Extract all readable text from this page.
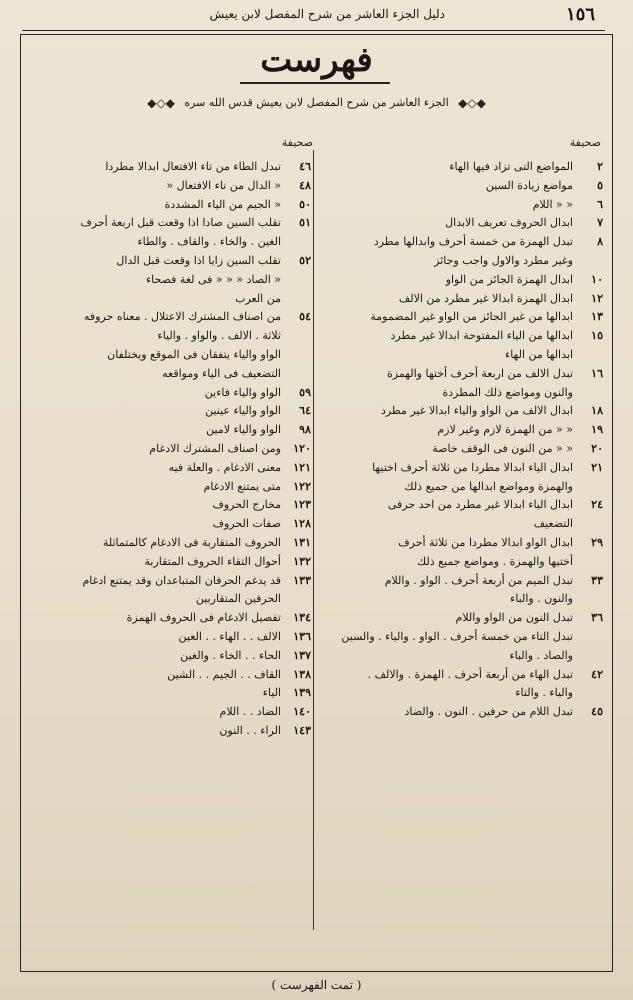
١٥٦
دليل الجزء العاشر من شرح المفصل لابن يعيش
فهرست
◆◇◆ الجزء العاشر من شرح المفصل لابن يعيش قدس الله سره ◆◇◆
صحيفة
صحيفة
٢
المواضع التى تزاد فيها الهاء
٥
مواضع زيادة السين
٦
« « اللام
٧
ابدال الحروف تعريف الابدال
٨
تبدل الهمزة من خمسة أحرف وابدالها مطرد
وغير مطرد والاول واجب وجائز
١٠
ابدال الهمزة الجائز من الواو
١٢
ابدال الهمزة ابدالا غير مطرد من الالف
١٣
ابدالها من غير الجائز من الواو غير المضمومة
١٥
ابدالها من الياء المفتوحة ابدالا غير مطرد
ابدالها من الهاء
١٦
تبدل الالف من اربعة أحرف أختها والهمزة
والنون ومواضع ذلك المطردة
١٨
ابدال الالف من الواو والياء ابدالا غير مطرد
١٩
« « من الهمزة لازم وغير لازم
٢٠
« « من النون فى الوقف خاصة
٢١
ابدال الياء ابدالا مطردا من ثلاثة أحرف اختيها
والهمزة ومواضع ابدالها من جميع ذلك
٢٤
ابدال الياء ابدالا غير مطرد من احد حرفى
التضعيف
٢٩
ابدال الواو ابدالا مطردا من ثلاثة أحرف
أختيها والهمزة . ومواضع جميع ذلك
٣٣
تبدل الميم من أربعة أحرف . الواو . واللام
والنون . والباء
٣٦
تبدل النون من الواو واللام
تبدل التاء من خمسة أحرف . الواو . والياء . والسين
والصاد . والباء
٤٢
تبدل الهاء من أربعة أحرف . الهمزة . والالف .
والياء . والتاء
٤٥
تبدل اللام من حرفين . النون . والضاد
٤٦
تبدل الطاء من تاء الافتعال ابدالا مطردا
٤٨
« الدال من تاء الافتعال «
٥٠
« الجيم من الياء المشددة
٥١
تقلب السين صادا اذا وقعت قبل اربعة أحرف
الغين . والخاء . والقاف . والطاء
٥٢
تقلب السين زايا اذا وقعت قبل الدال
« الصاد « « « فى لغة فصحاء
من العرب
٥٤
من اصناف المشترك الاعتلال . معناه حروفه
ثلاثة . الالف . والواو . والياء
الواو والياء يتفقان فى الموقع ويختلفان
التضعيف فى الياء ومواقعه
٥٩
الواو والياء فاءين
٦٤
الواو والياء عينين
٩٨
الواو والياء لامين
١٢٠
ومن اصناف المشترك الادغام
١٢١
معنى الادغام . والعلة فيه
١٢٢
متى يمتنع الادغام
١٢٣
مخارج الحروف
١٢٨
صفات الحروف
١٣١
الحروف المتقاربة فى الادغام كالمتماثلة
١٣٢
أحوال التقاء الحروف المتقاربة
١٣٣
قد يدغم الحرفان المتباعدان وقد يمتنع ادغام
الحرفين المتقاربين
١٣٤
تفصيل الادغام فى الحروف الهمزة
١٣٦
الالف . . الهاء . . العين
١٣٧
الحاء . . الخاء . والغين
١٣٨
القاف . . الجيم . . الشين
١٣٩
الياء
١٤٠
الضاد . . اللام
١٤٣
الراء . . النون
( تمت الفهرست )
